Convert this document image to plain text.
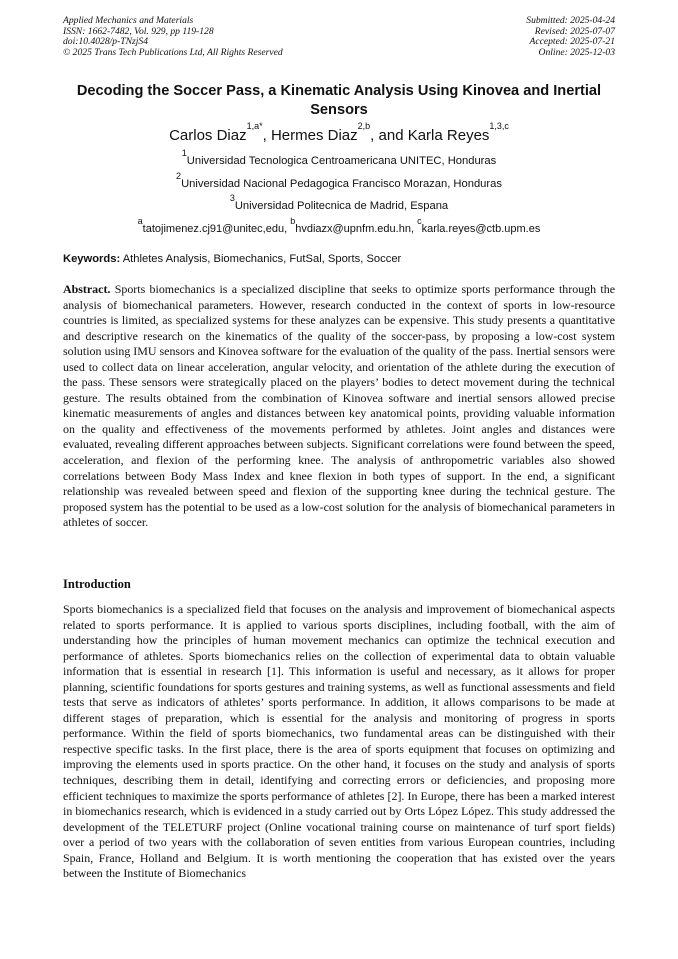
Applied Mechanics and Materials
ISSN: 1662-7482, Vol. 929, pp 119-128
doi:10.4028/p-TNzjS4
© 2025 Trans Tech Publications Ltd, All Rights Reserved
Submitted: 2025-04-24
Revised: 2025-07-07
Accepted: 2025-07-21
Online: 2025-12-03
Decoding the Soccer Pass, a Kinematic Analysis Using Kinovea and Inertial Sensors
Carlos Diaz$^{1,a*}$, Hermes Diaz$^{2,b}$, and Karla Reyes$^{1,3,c}$
$^1$Universidad Tecnologica Centroamericana UNITEC, Honduras
$^2$Universidad Nacional Pedagogica Francisco Morazan, Honduras
$^3$Universidad Politecnica de Madrid, Espana
$^a$tatojimenez.cj91@unitec,edu, $^b$hvdiazx@upnfm.edu.hn, $^c$karla.reyes@ctb.upm.es
Keywords: Athletes Analysis, Biomechanics, FutSal, Sports, Soccer

Abstract. Sports biomechanics is a specialized discipline that seeks to optimize sports performance through the analysis of biomechanical parameters. However, research conducted in the context of sports in low-resource countries is limited, as specialized systems for these analyzes can be expensive. This study presents a quantitative and descriptive research on the kinematics of the quality of the soccer-pass, by proposing a low-cost system solution using IMU sensors and Kinovea software for the evaluation of the quality of the pass. Inertial sensors were used to collect data on linear acceleration, angular velocity, and orientation of the athlete during the execution of the pass. These sensors were strategically placed on the players’ bodies to detect movement during the technical gesture. The results obtained from the combination of Kinovea software and inertial sensors allowed precise kinematic measurements of angles and distances between key anatomical points, providing valuable information on the quality and effectiveness of the movements performed by athletes. Joint angles and distances were evaluated, revealing different approaches between subjects. Significant correlations were found between the speed, acceleration, and flexion of the performing knee. The analysis of anthropometric variables also showed correlations between Body Mass Index and knee flexion in both types of support. In the end, a significant relationship was revealed between speed and flexion of the supporting knee during the technical gesture. The proposed system has the potential to be used as a low-cost solution for the analysis of biomechanical parameters in athletes of soccer.

Introduction

Sports biomechanics is a specialized field that focuses on the analysis and improvement of biomechanical aspects related to sports performance. It is applied to various sports disciplines, including football, with the aim of understanding how the principles of human movement mechanics can optimize the technical execution and performance of athletes. Sports biomechanics relies on the collection of experimental data to obtain valuable information that is essential in research [1]. This information is useful and necessary, as it allows for proper planning, scientific foundations for sports gestures and training systems, as well as functional assessments and field tests that serve as indicators of athletes’ sports performance. In addition, it allows comparisons to be made at different stages of preparation, which is essential for the analysis and monitoring of progress in sports performance. Within the field of sports biomechanics, two fundamental areas can be distinguished with their respective specific tasks. In the first place, there is the area of sports equipment that focuses on optimizing and improving the elements used in sports practice. On the other hand, it focuses on the study and analysis of sports techniques, describing them in detail, identifying and correcting errors or deficiencies, and proposing more efficient techniques to maximize the sports performance of athletes [2]. In Europe, there has been a marked interest in biomechanics research, which is evidenced in a study carried out by Orts López López. This study addressed the development of the TELETURF project (Online vocational training course on maintenance of turf sport fields) over a period of two years with the collaboration of seven entities from various European countries, including Spain, France, Holland and Belgium. It is worth mentioning the cooperation that has existed over the years between the Institute of Biomechanics
